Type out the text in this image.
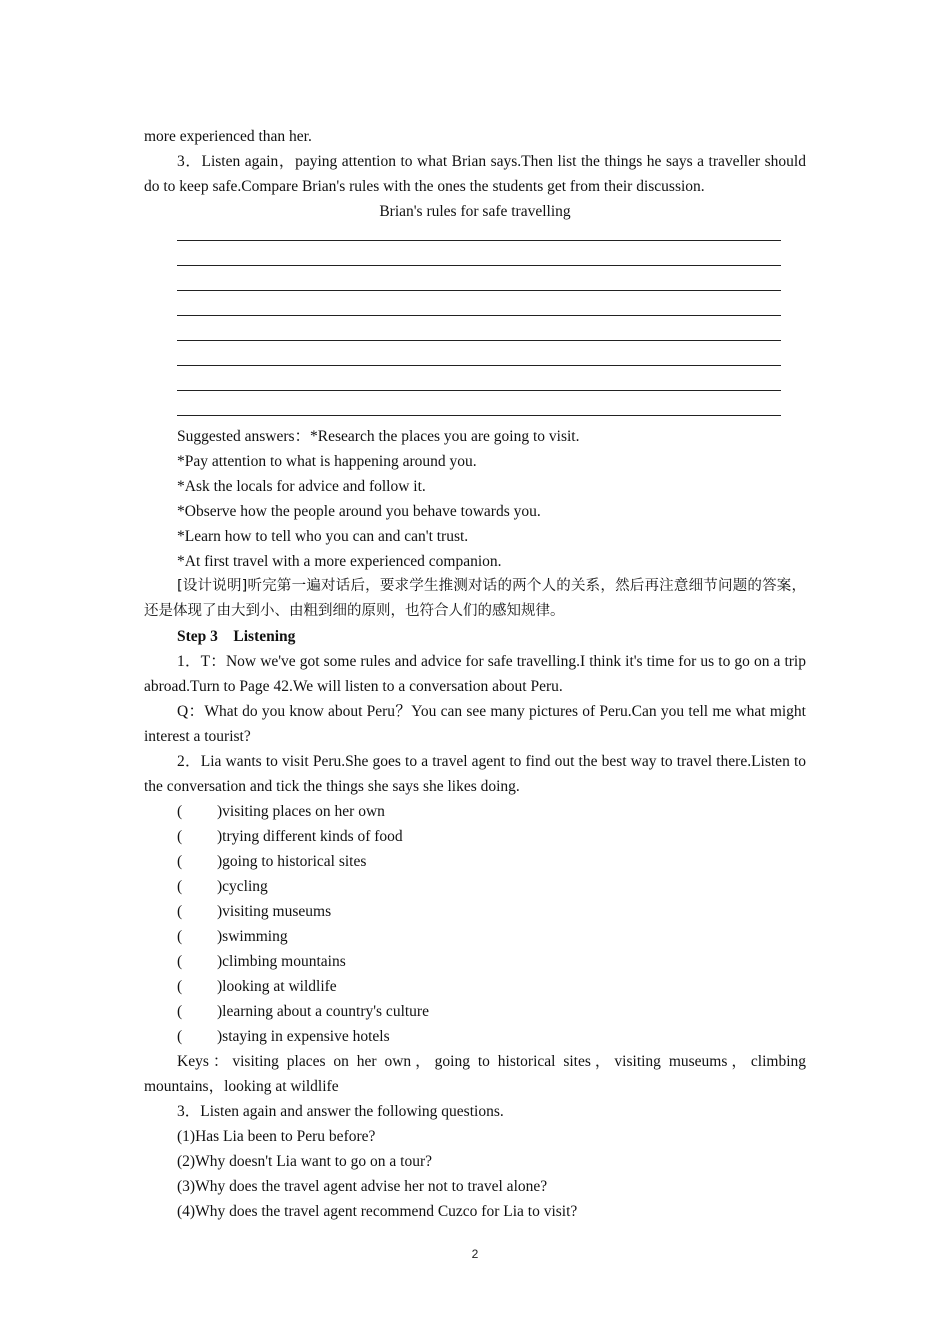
more experienced than her.
3．Listen again，paying attention to what Brian says.Then list the things he says a traveller should do to keep safe.Compare Brian's rules with the ones the students get from their discussion.
Brian's rules for safe travelling
Suggested answers：*Research the places you are going to visit.
*Pay attention to what is happening around you.
*Ask the locals for advice and follow it.
*Observe how the people around you behave towards you.
*Learn how to tell who you can and can't trust.
*At first travel with a more experienced companion.
[设计说明]听完第一遍对话后，要求学生推测对话的两个人的关系，然后再注意细节问题的答案，还是体现了由大到小、由粗到细的原则，也符合人们的感知规律。
Step 3　Listening
1．T：Now we've got some rules and advice for safe travelling.I think it's time for us to go on a trip abroad.Turn to Page 42.We will listen to a conversation about Peru.
Q：What do you know about Peru？You can see many pictures of Peru.Can you tell me what might interest a tourist?
2．Lia wants to visit Peru.She goes to a travel agent to find out the best way to travel there.Listen to the conversation and tick the things she says she likes doing.
( )visiting places on her own
( )trying different kinds of food
( )going to historical sites
( )cycling
( )visiting museums
( )swimming
( )climbing mountains
( )looking at wildlife
( )learning about a country's culture
( )staying in expensive hotels
Keys：visiting places on her own，going to historical sites，visiting museums，climbing mountains，looking at wildlife
3．Listen again and answer the following questions.
(1)Has Lia been to Peru before?
(2)Why doesn't Lia want to go on a tour?
(3)Why does the travel agent advise her not to travel alone?
(4)Why does the travel agent recommend Cuzco for Lia to visit?
2
